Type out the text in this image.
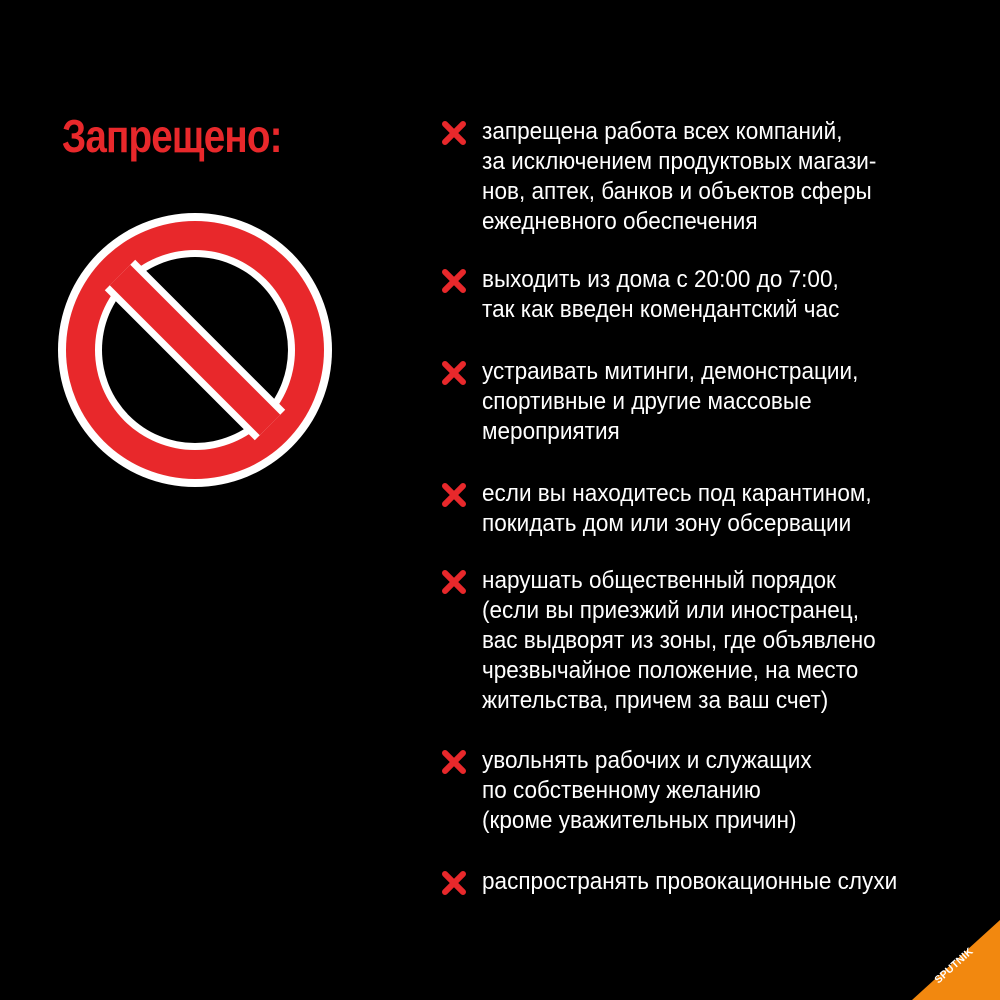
Запрещено:	запрещена работа всех компаний,
за исключением продуктовых магази-
нов, аптек, банков и объектов сферы
ежедневного обеспечения

выходить из дома с 20:00 до 7:00,
так как введен комендантский час

устраивать митинги, демонстрации,
спортивные и другие массовые
мероприятия

если вы находитесь под карантином,
покидать дом или зону обсервации

нарушать общественный порядок
(если вы приезжий или иностранец,
вас выдворят из зоны, где объявлено
чрезвычайное положение, на место
жительства, причем за ваш счет)

увольнять рабочих и служащих
по собственному желанию
(кроме уважительных причин)

распространять провокационные слухи

SPUTNIK
